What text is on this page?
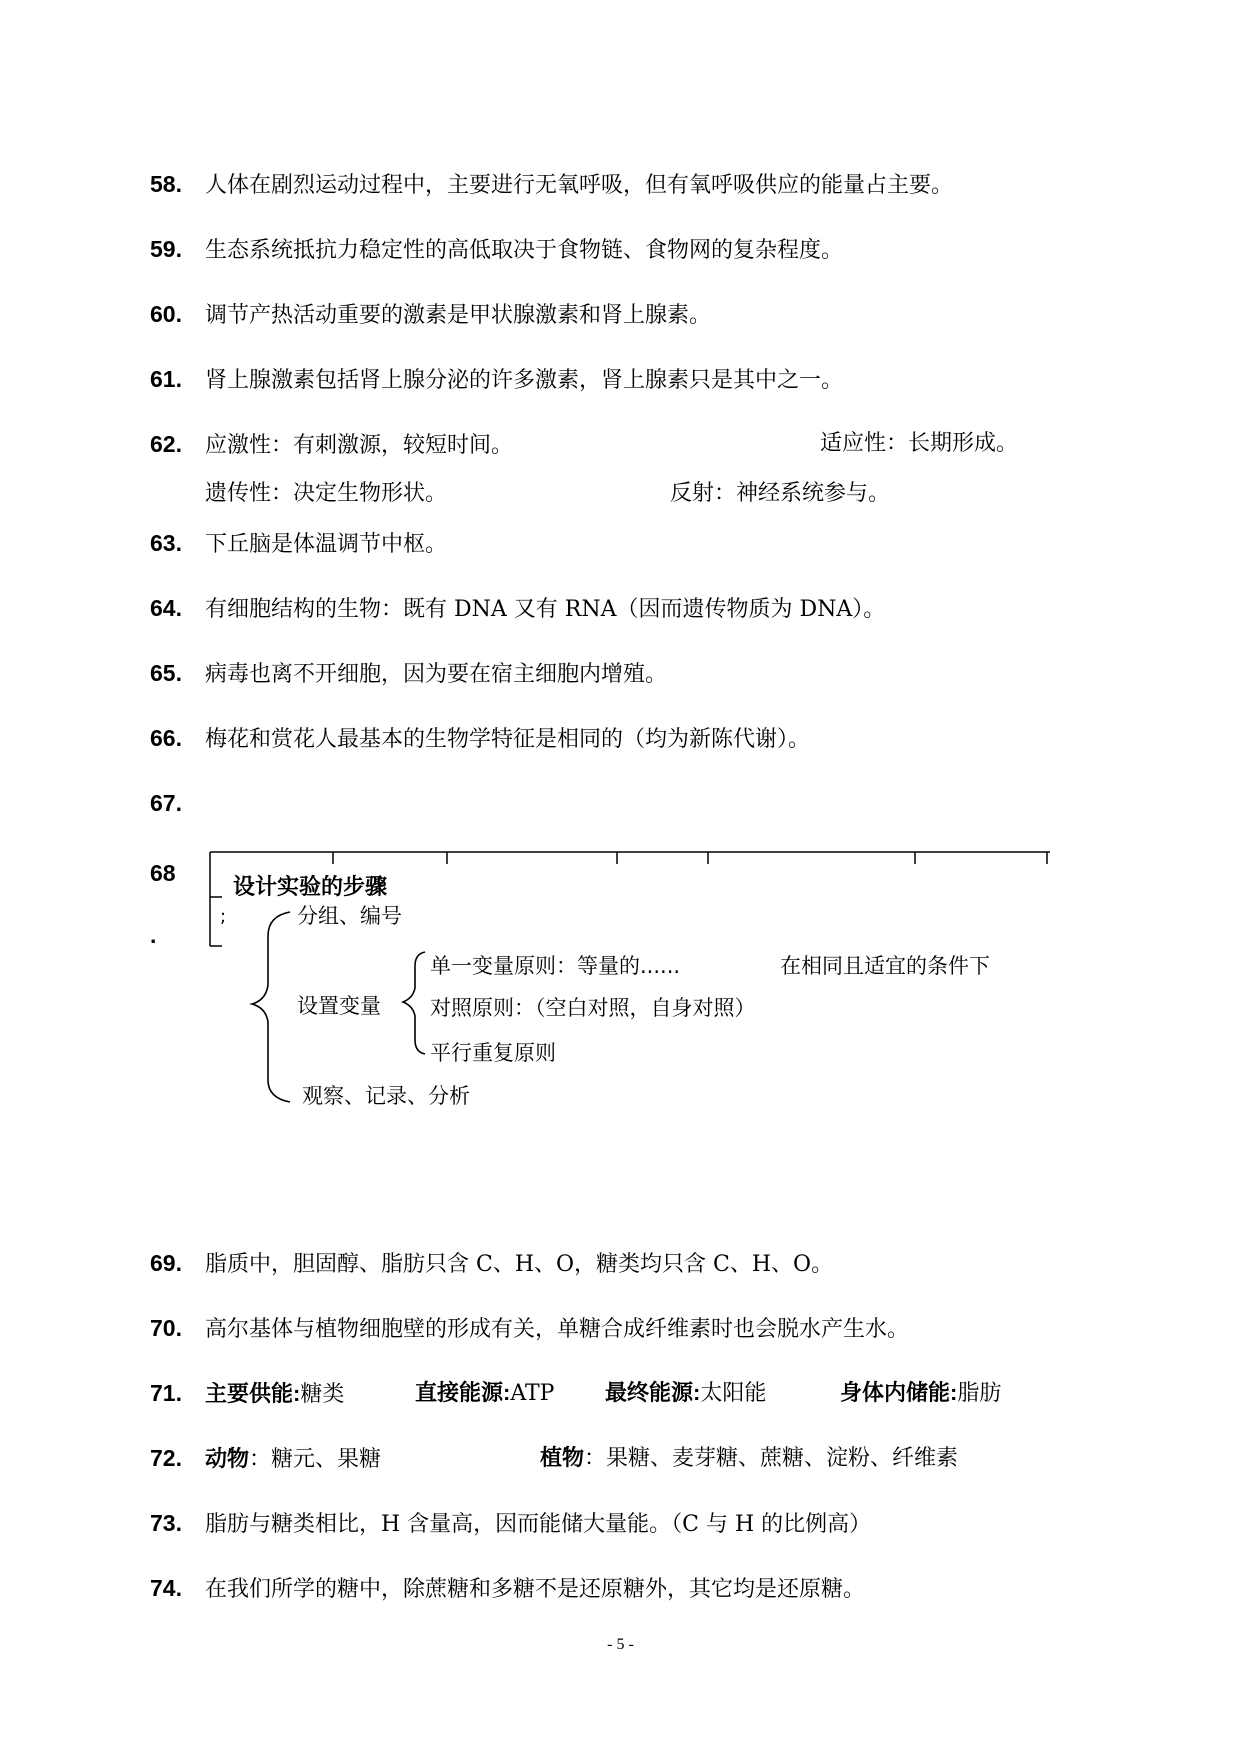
58. 人体在剧烈运动过程中，主要进行无氧呼吸，但有氧呼吸供应的能量占主要。
59. 生态系统抵抗力稳定性的高低取决于食物链、食物网的复杂程度。
60. 调节产热活动重要的激素是甲状腺激素和肾上腺素。
61. 肾上腺激素包括肾上腺分泌的许多激素，肾上腺素只是其中之一。
62. 应激性：有刺激源，较短时间。	适应性：长期形成。
遗传性：决定生物形状。	反射：神经系统参与。
63. 下丘脑是体温调节中枢。
64. 有细胞结构的生物：既有 DNA 又有 RNA（因而遗传物质为 DNA）。
65. 病毒也离不开细胞，因为要在宿主细胞内增殖。
66. 梅花和赏花人最基本的生物学特征是相同的（均为新陈代谢）。
67.
68
.
设计实验的步骤
;	分组、编号
设置变量
单一变量原则：等量的......	在相同且适宜的条件下
对照原则：（空白对照，自身对照）
平行重复原则
观察、记录、分析
69. 脂质中，胆固醇、脂肪只含 C、H、O，糖类均只含 C、H、O。
70. 高尔基体与植物细胞壁的形成有关，单糖合成纤维素时也会脱水产生水。
71. 主要供能:糖类	直接能源:ATP 最终能源:太阳能	身体内储能:脂肪
72. 动物：糖元、果糖	植物：果糖、麦芽糖、蔗糖、淀粉、纤维素
73. 脂肪与糖类相比，H 含量高，因而能储大量能。（C 与 H 的比例高）
74. 在我们所学的糖中，除蔗糖和多糖不是还原糖外，其它均是还原糖。
- 5 -
